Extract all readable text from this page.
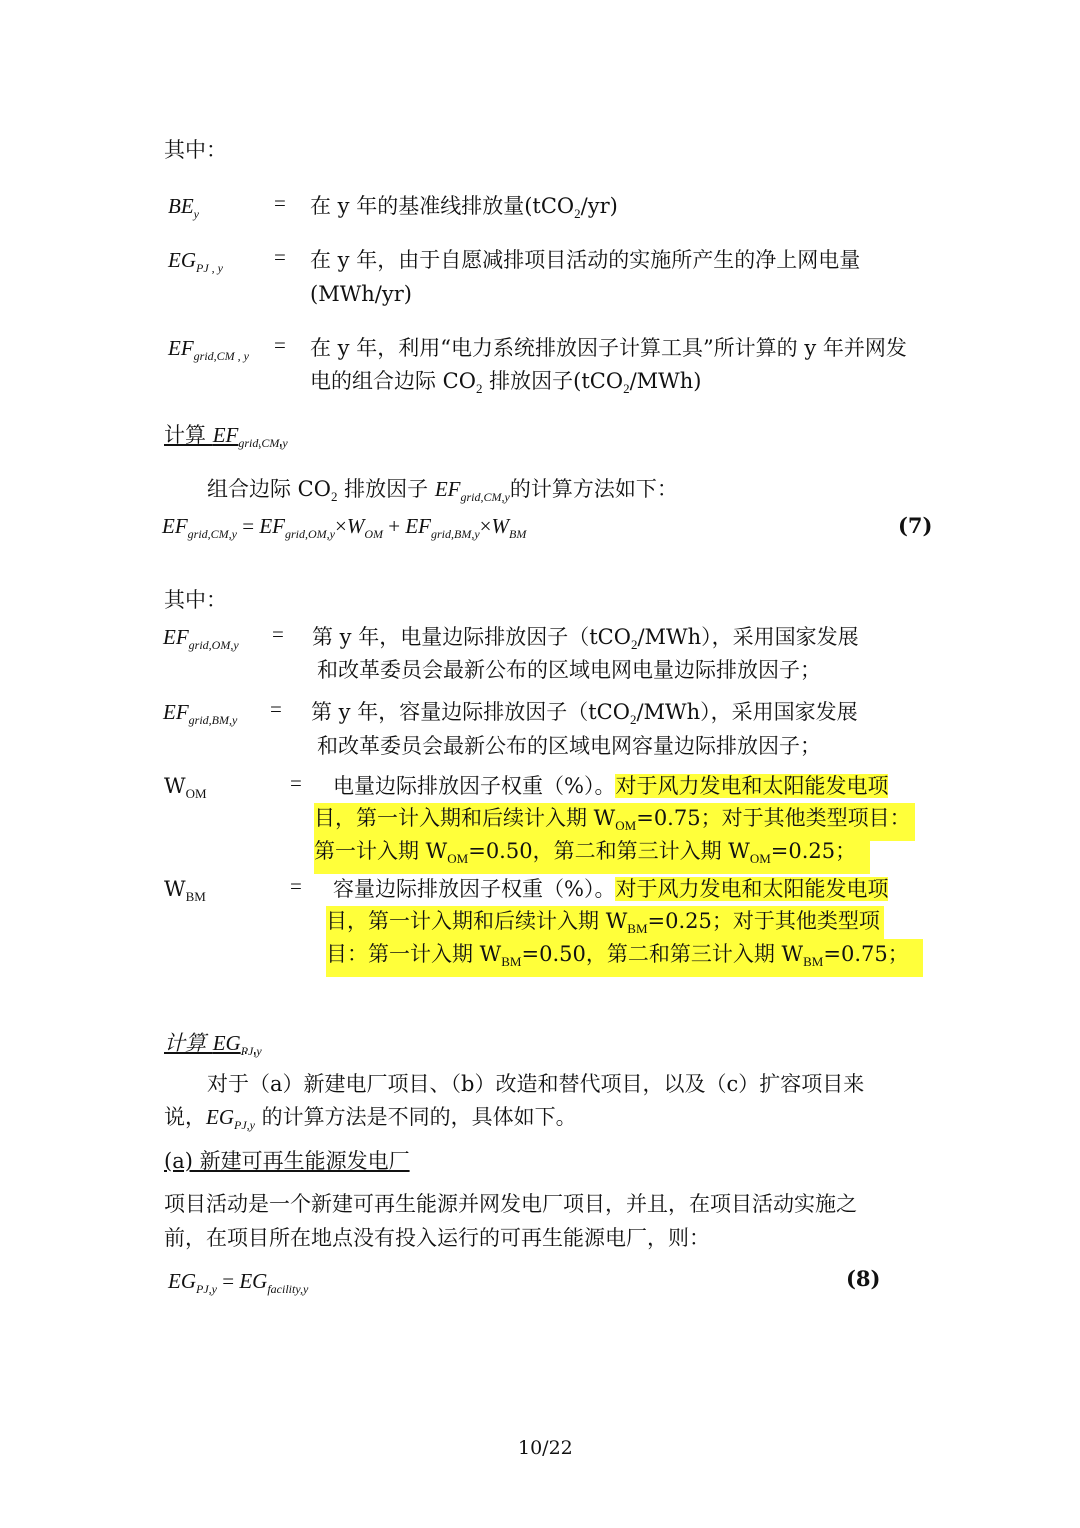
其中：
$BE_y$	= 在 y 年的基准线排放量(tCO$_2$/yr)
$EG_{PJ , y}$ = 在 y 年，由于自愿减排项目活动的实施所产生的净上网电量
(MWh/yr)
$EF_{grid,CM , y}$ = 在 y 年，利用“电力系统排放因子计算工具”所计算的 y 年并网发
电的组合边际 $CO_2$ 排放因子(tCO$_2$/MWh)
计算 $EF_{grid,CM,y}$
组合边际 $CO_2$ 排放因子 $EF_{grid,CM,y}$的计算方法如下：
$EF_{grid,CM,y} = EF_{grid,OM,y}\times W_{OM} + EF_{grid,BM,y}\times W_{BM}$	(7)
其中：
$EF_{grid,OM,y}$ = 第 y 年，电量边际排放因子（tCO$_2$/MWh），采用国家发展
和改革委员会最新公布的区域电网电量边际排放因子；
$EF_{grid,BM,y}$ = 第 y 年，容量边际排放因子（tCO$_2$/MWh），采用国家发展
和改革委员会最新公布的区域电网容量边际排放因子；
$W_{OM}$	= 电量边际排放因子权重（%）。对于风力发电和太阳能发电项
目，第一计入期和后续计入期 $W_{OM}=0.75$；对于其他类型项目：
第一计入期 $W_{OM}=0.50$，第二和第三计入期 $W_{OM}=0.25$；
$W_{BM}$	= 容量边际排放因子权重（%）。对于风力发电和太阳能发电项
目，第一计入期和后续计入期 $W_{BM}=0.25$；对于其他类型项
目：第一计入期 $W_{BM}=0.50$，第二和第三计入期 $W_{BM}=0.75$；
计算 $EG_{PJ,y}$
对于（a）新建电厂项目、（b）改造和替代项目，以及（c）扩容项目来
说，$EG_{PJ,y}$ 的计算方法是不同的，具体如下。
(a) 新建可再生能源发电厂
项目活动是一个新建可再生能源并网发电厂项目，并且，在项目活动实施之
前，在项目所在地点没有投入运行的可再生能源电厂，则：
$EG_{PJ,y} = EG_{facility,y}$	(8)
10/22
